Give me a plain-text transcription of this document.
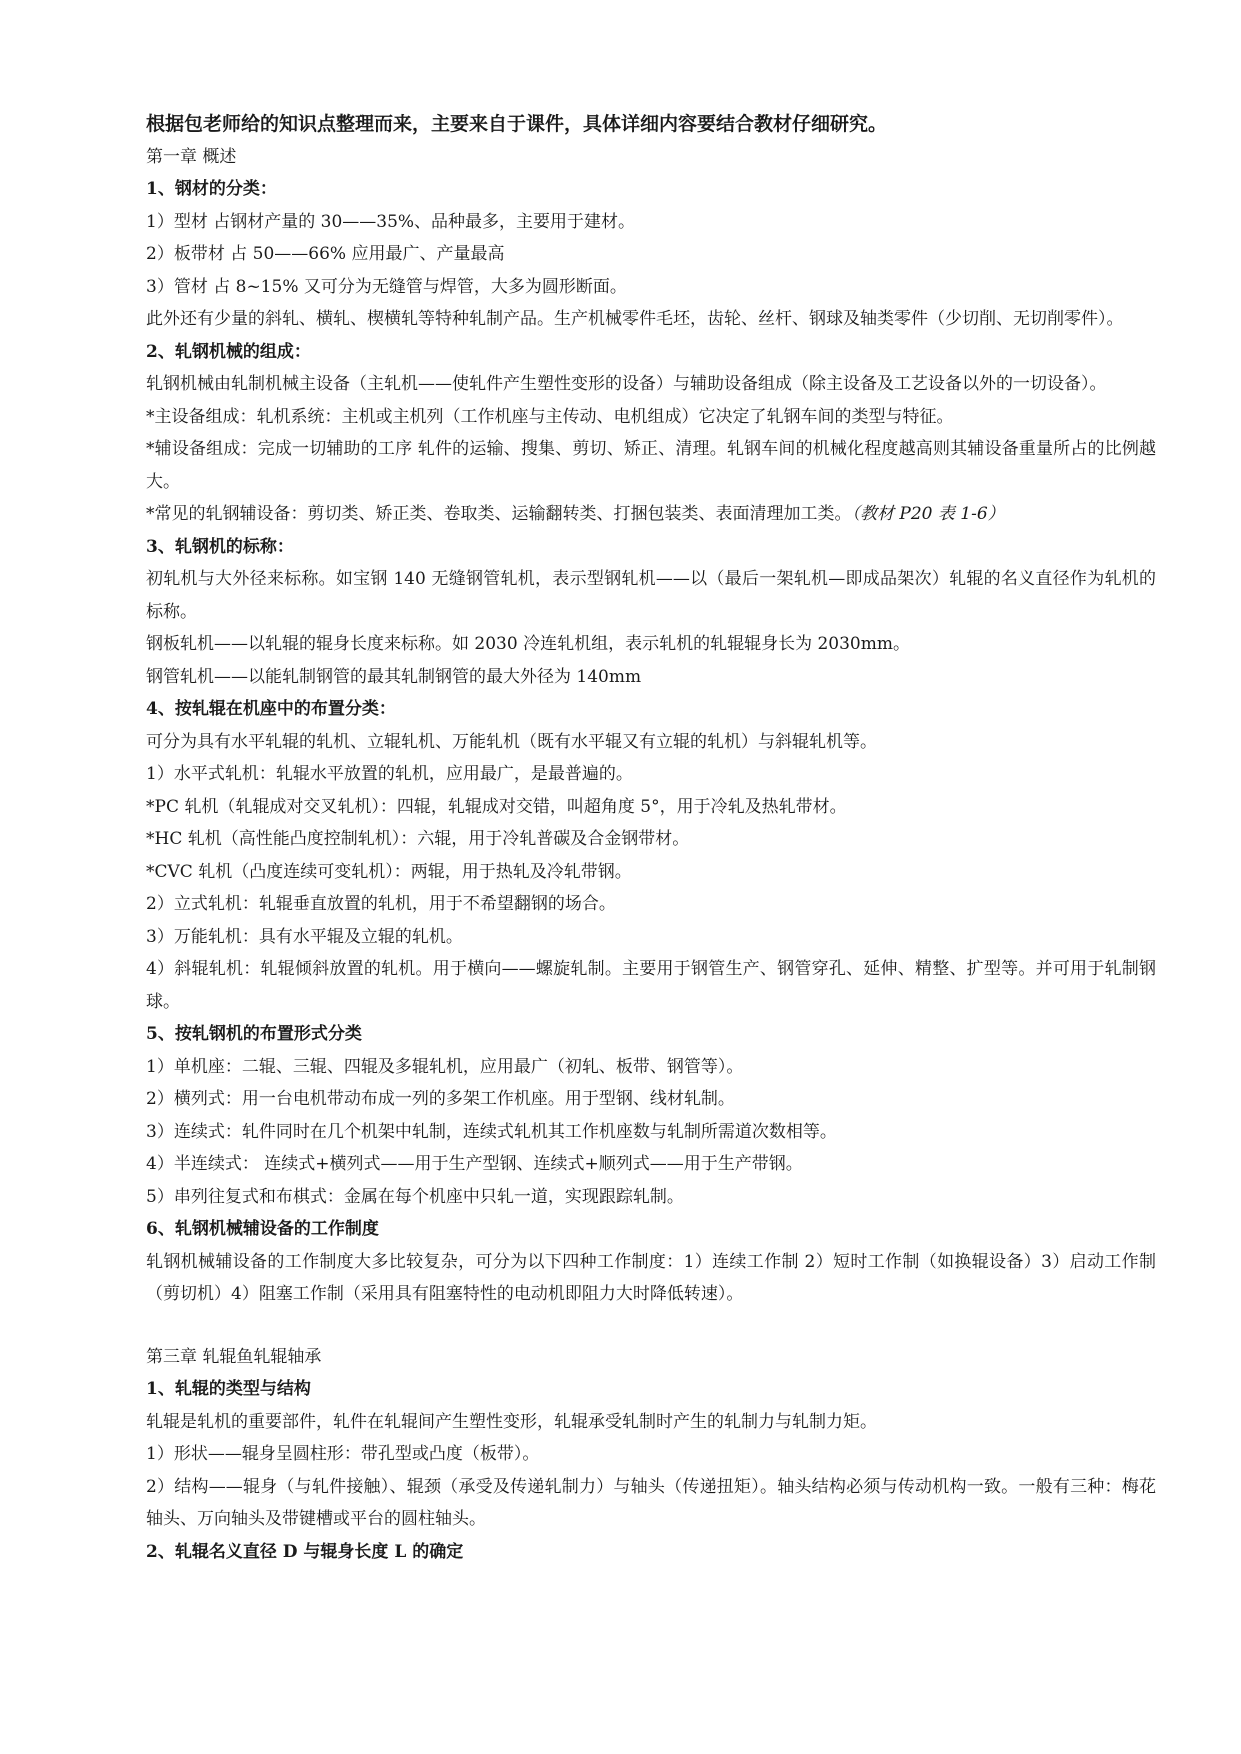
根据包老师给的知识点整理而来，主要来自于课件，具体详细内容要结合教材仔细研究。
第一章 概述
1、钢材的分类：
1）型材 占钢材产量的 30——35%、品种最多，主要用于建材。
2）板带材 占 50——66% 应用最广、产量最高
3）管材 占 8~15% 又可分为无缝管与焊管，大多为圆形断面。
此外还有少量的斜轧、横轧、楔横轧等特种轧制产品。生产机械零件毛坯，齿轮、丝杆、钢球及轴类零件（少切削、无切削零件）。
2、轧钢机械的组成：
轧钢机械由轧制机械主设备（主轧机——使轧件产生塑性变形的设备）与辅助设备组成（除主设备及工艺设备以外的一切设备）。
*主设备组成：轧机系统：主机或主机列（工作机座与主传动、电机组成）它决定了轧钢车间的类型与特征。
*辅设备组成：完成一切辅助的工序 轧件的运输、搜集、剪切、矫正、清理。轧钢车间的机械化程度越高则其辅设备重量所占的比例越大。
*常见的轧钢辅设备：剪切类、矫正类、卷取类、运输翻转类、打捆包装类、表面清理加工类。（教材 P20 表 1-6）
3、轧钢机的标称：
初轧机与大外径来标称。如宝钢 140 无缝钢管轧机，表示型钢轧机——以（最后一架轧机—即成品架次）轧辊的名义直径作为轧机的标称。
钢板轧机——以轧辊的辊身长度来标称。如 2030 冷连轧机组，表示轧机的轧辊辊身长为 2030mm。
钢管轧机——以能轧制钢管的最其轧制钢管的最大外径为 140mm
4、按轧辊在机座中的布置分类：
可分为具有水平轧辊的轧机、立辊轧机、万能轧机（既有水平辊又有立辊的轧机）与斜辊轧机等。
1）水平式轧机：轧辊水平放置的轧机，应用最广，是最普遍的。
*PC 轧机（轧辊成对交叉轧机）：四辊，轧辊成对交错，叫超角度 5°，用于冷轧及热轧带材。
*HC 轧机（高性能凸度控制轧机）：六辊，用于冷轧普碳及合金钢带材。
*CVC 轧机（凸度连续可变轧机）：两辊，用于热轧及冷轧带钢。
2）立式轧机：轧辊垂直放置的轧机，用于不希望翻钢的场合。
3）万能轧机：具有水平辊及立辊的轧机。
4）斜辊轧机：轧辊倾斜放置的轧机。用于横向——螺旋轧制。主要用于钢管生产、钢管穿孔、延伸、精整、扩型等。并可用于轧制钢球。
5、按轧钢机的布置形式分类
1）单机座：二辊、三辊、四辊及多辊轧机，应用最广（初轧、板带、钢管等）。
2）横列式：用一台电机带动布成一列的多架工作机座。用于型钢、线材轧制。
3）连续式：轧件同时在几个机架中轧制，连续式轧机其工作机座数与轧制所需道次数相等。
4）半连续式： 连续式+横列式——用于生产型钢、连续式+顺列式——用于生产带钢。
5）串列往复式和布棋式：金属在每个机座中只轧一道，实现跟踪轧制。
6、轧钢机械辅设备的工作制度
轧钢机械辅设备的工作制度大多比较复杂，可分为以下四种工作制度：1）连续工作制 2）短时工作制（如换辊设备）3）启动工作制（剪切机）4）阻塞工作制（采用具有阻塞特性的电动机即阻力大时降低转速）。
第三章 轧辊鱼轧辊轴承
1、轧辊的类型与结构
轧辊是轧机的重要部件，轧件在轧辊间产生塑性变形，轧辊承受轧制时产生的轧制力与轧制力矩。
1）形状——辊身呈圆柱形：带孔型或凸度（板带）。
2）结构——辊身（与轧件接触）、辊颈（承受及传递轧制力）与轴头（传递扭矩）。轴头结构必须与传动机构一致。一般有三种：梅花轴头、万向轴头及带键槽或平台的圆柱轴头。
2、轧辊名义直径 D 与辊身长度 L 的确定
